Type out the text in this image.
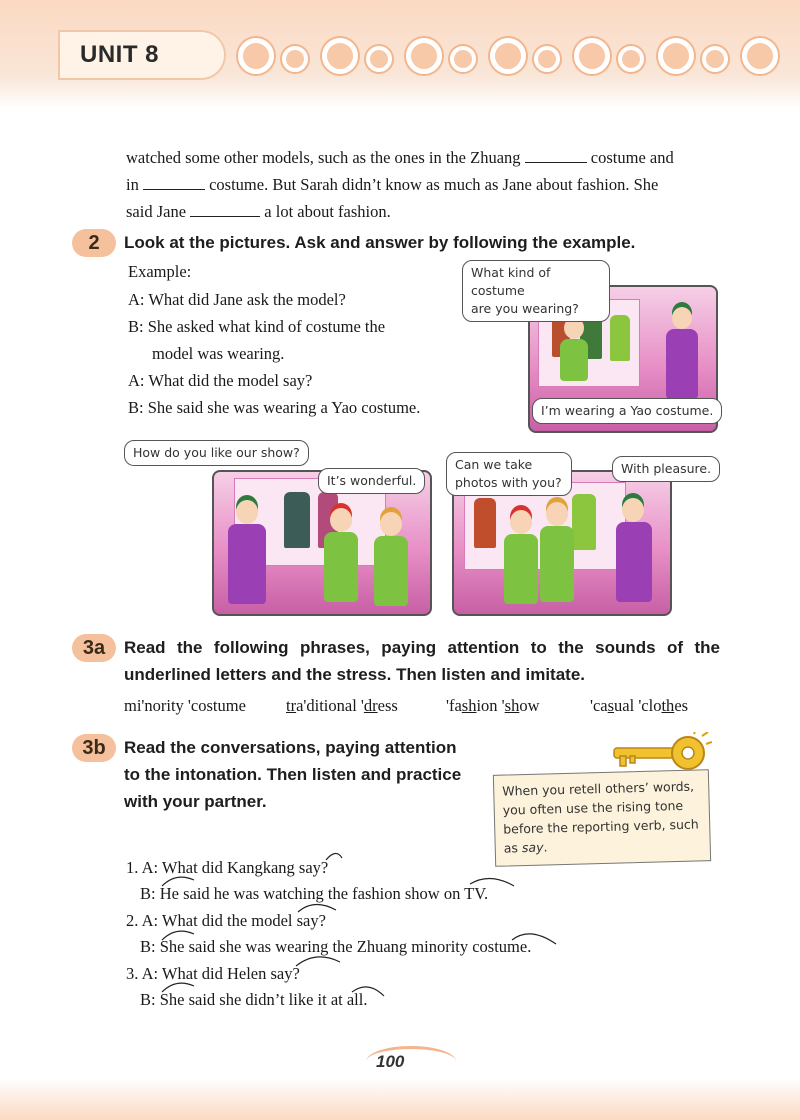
UNIT 8
watched some other models, such as the ones in the Zhuang	costume and
in	costume. But Sarah didn’t know as much as Jane about fashion. She
said Jane	a lot about fashion.
2	Look at the pictures. Ask and answer by following the example.
Example:
A: What did Jane ask the model?
B: She asked what kind of costume the
model was wearing.
A: What did the model say?
B: She said she was wearing a Yao costume.
What kind of costume
are you wearing?
I’m wearing a Yao costume.
How do you like our show?
It’s wonderful.
Can we take
photos with you?
With pleasure.
3a	Read the following phrases, paying attention to the sounds of the underlined letters and the stress. Then listen and imitate.
mi'nority 'costume tra'ditional 'dress	'fashion 'show	'casual 'clothes
3b	Read the conversations, paying attention
to the intonation. Then listen and practice
with your partner.
When you retell others’ words, you often use the rising tone before the reporting verb, such as say.
1. A: What did Kangkang say?
B: He said he was watching the fashion show on TV.
2. A: What did the model say?
B: She said she was wearing the Zhuang minority costume.
3. A: What did Helen say?
B: She said she didn’t like it at all.
100
